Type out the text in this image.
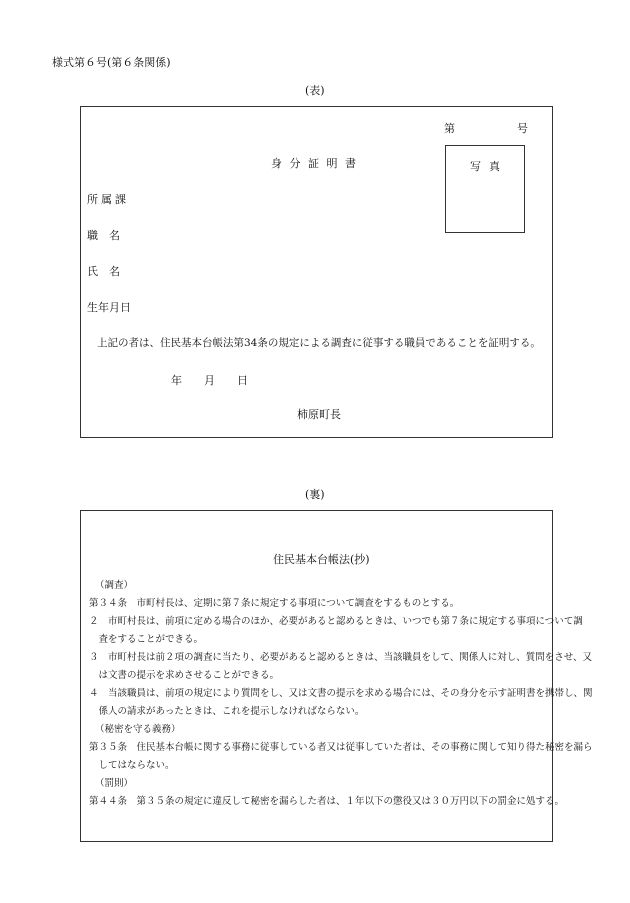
様式第６号(第６条関係)
(表)
第	号
身 分 証 明 書	写真
所属課
職　名
氏　名
生年月日
上記の者は、住民基本台帳法第34条の規定による調査に従事する職員であることを証明する。
年　　月　　日
柿原町長
(裏)
住民基本台帳法(抄)
（調査）
第３４条　市町村長は、定期に第７条に規定する事項について調査をするものとする。
２　市町村長は、前項に定める場合のほか、必要があると認めるときは、いつでも第７条に規定する事項について調
　査をすることができる。
３　市町村長は前２項の調査に当たり、必要があると認めるときは、当該職員をして、関係人に対し、質問をさせ、又
　は文書の提示を求めさせることができる。
４　当該職員は、前項の規定により質問をし、又は文書の提示を求める場合には、その身分を示す証明書を携帯し、関
　係人の請求があったときは、これを提示しなければならない。
（秘密を守る義務）
第３５条　住民基本台帳に関する事務に従事している者又は従事していた者は、その事務に関して知り得た秘密を漏ら
　してはならない。
（罰則）
第４４条　第３５条の規定に違反して秘密を漏らした者は、１年以下の懲役又は３０万円以下の罰金に処する。
